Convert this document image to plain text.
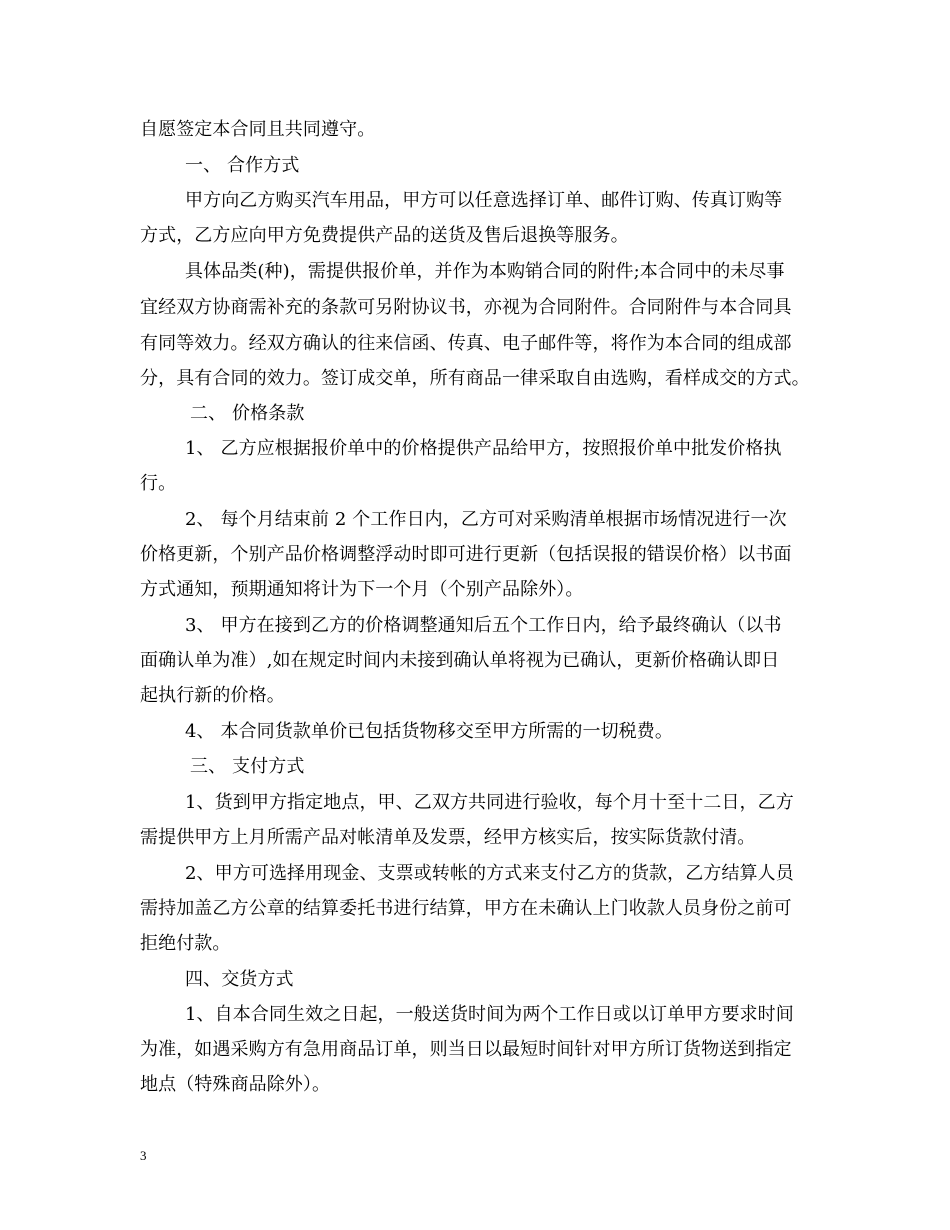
自愿签定本合同且共同遵守。
一、 合作方式
甲方向乙方购买汽车用品，甲方可以任意选择订单、邮件订购、传真订购等
方式，乙方应向甲方免费提供产品的送货及售后退换等服务。
具体品类(种)，需提供报价单，并作为本购销合同的附件;本合同中的未尽事
宜经双方协商需补充的条款可另附协议书，亦视为合同附件。合同附件与本合同具
有同等效力。经双方确认的往来信函、传真、电子邮件等，将作为本合同的组成部
分，具有合同的效力。签订成交单，所有商品一律采取自由选购，看样成交的方式。
二、 价格条款
1、 乙方应根据报价单中的价格提供产品给甲方，按照报价单中批发价格执
行。
2、 每个月结束前 2 个工作日内，乙方可对采购清单根据市场情况进行一次
价格更新，个别产品价格调整浮动时即可进行更新（包括误报的错误价格）以书面
方式通知，预期通知将计为下一个月（个别产品除外）。
3、 甲方在接到乙方的价格调整通知后五个工作日内，给予最终确认（以书
面确认单为准）,如在规定时间内未接到确认单将视为已确认，更新价格确认即日
起执行新的价格。
4、 本合同货款单价已包括货物移交至甲方所需的一切税费。
三、 支付方式
1、货到甲方指定地点，甲、乙双方共同进行验收，每个月十至十二日，乙方
需提供甲方上月所需产品对帐清单及发票，经甲方核实后，按实际货款付清。
2、甲方可选择用现金、支票或转帐的方式来支付乙方的货款，乙方结算人员
需持加盖乙方公章的结算委托书进行结算，甲方在未确认上门收款人员身份之前可
拒绝付款。
四、交货方式
1、自本合同生效之日起，一般送货时间为两个工作日或以订单甲方要求时间
为准，如遇采购方有急用商品订单，则当日以最短时间针对甲方所订货物送到指定
地点（特殊商品除外）。
3
